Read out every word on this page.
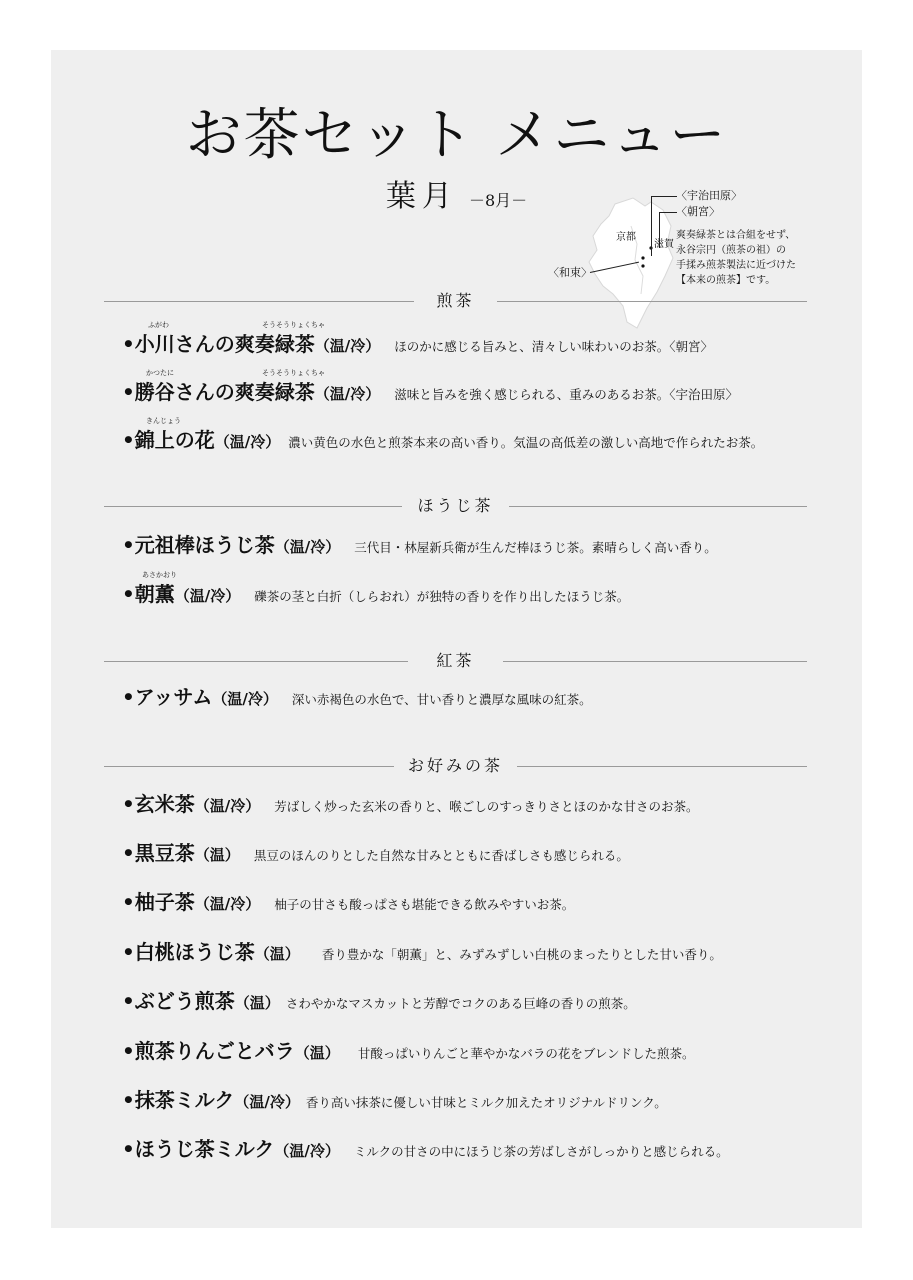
お茶セット メニュー
葉月 －8月－	〈宇治田原〉
〈朝宮〉
京都
滋賀
〈和束〉
爽奏緑茶とは合組をせず、
永谷宗円（煎茶の祖）の
手揉み煎茶製法に近づけた
【本来の煎茶】です。
煎茶
ふがわ	そうそうりょくちゃ
•小川さんの爽奏緑茶（温/冷） ほのかに感じる旨みと、清々しい味わいのお茶。〈朝宮〉
かつたに	そうそうりょくちゃ
•勝谷さんの爽奏緑茶（温/冷） 滋味と旨みを強く感じられる、重みのあるお茶。〈宇治田原〉
きんじょう
•錦上の花（温/冷） 濃い黄色の水色と煎茶本来の高い香り。気温の高低差の激しい高地で作られたお茶。
ほうじ茶
•元祖棒ほうじ茶（温/冷） 三代目・林屋新兵衛が生んだ棒ほうじ茶。素晴らしく高い香り。
あさかおり
•朝薫（温/冷） 礫茶の茎と白折（しらおれ）が独特の香りを作り出したほうじ茶。
紅茶
•アッサム（温/冷） 深い赤褐色の水色で、甘い香りと濃厚な風味の紅茶。
お好みの茶
•玄米茶（温/冷） 芳ばしく炒った玄米の香りと、喉ごしのすっきりさとほのかな甘さのお茶。
•黒豆茶（温） 黒豆のほんのりとした自然な甘みとともに香ばしさも感じられる。
•柚子茶（温/冷） 柚子の甘さも酸っぱさも堪能できる飲みやすいお茶。
•白桃ほうじ茶（温） 香り豊かな「朝薫」と、みずみずしい白桃のまったりとした甘い香り。
•ぶどう煎茶（温） さわやかなマスカットと芳醇でコクのある巨峰の香りの煎茶。
•煎茶りんごとバラ（温） 甘酸っぱいりんごと華やかなバラの花をブレンドした煎茶。
•抹茶ミルク（温/冷） 香り高い抹茶に優しい甘味とミルク加えたオリジナルドリンク。
•ほうじ茶ミルク（温/冷） ミルクの甘さの中にほうじ茶の芳ばしさがしっかりと感じられる。
